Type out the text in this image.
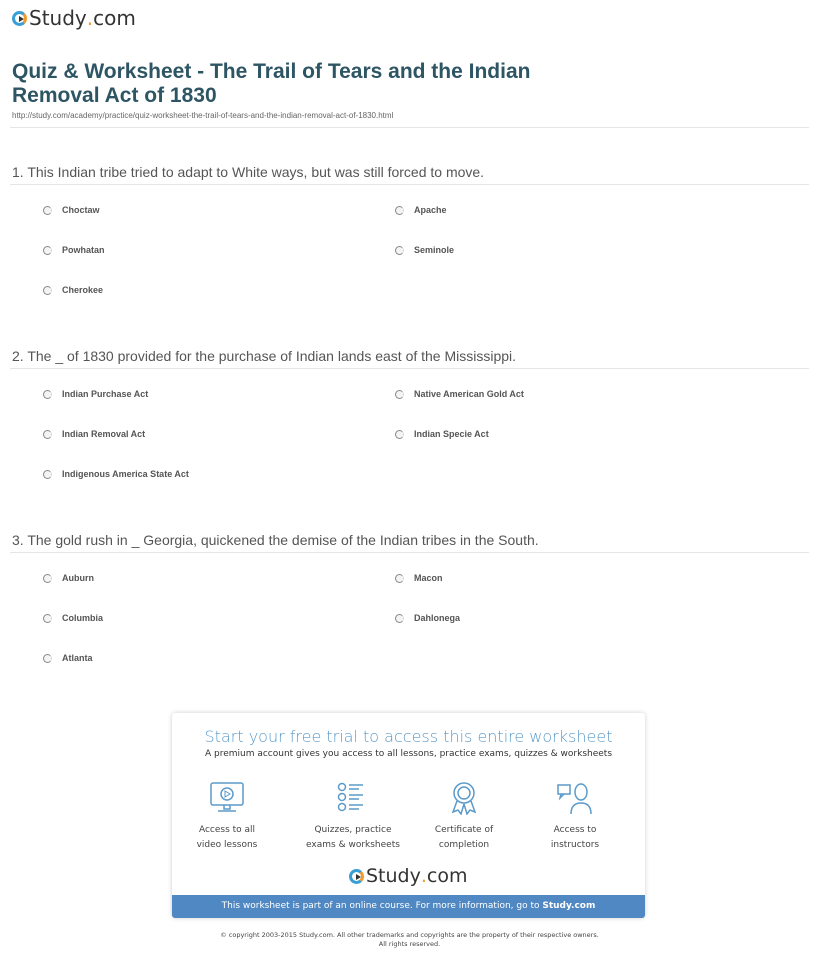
Study . com
Quiz & Worksheet - The Trail of Tears and the Indian Removal Act of 1830
http://study.com/academy/practice/quiz-worksheet-the-trail-of-tears-and-the-indian-removal-act-of-1830.html
1. This Indian tribe tried to adapt to White ways, but was still forced to move.
Choctaw	Apache
Powhatan	Seminole
Cherokee
2. The _ of 1830 provided for the purchase of Indian lands east of the Mississippi.
Indian Purchase Act	Native American Gold Act
Indian Removal Act	Indian Specie Act
Indigenous America State Act
3. The gold rush in _ Georgia, quickened the demise of the Indian tribes in the South.
Auburn	Macon
Columbia	Dahlonega
Atlanta
Start your free trial to access this entire worksheet
A premium account gives you access to all lessons, practice exams, quizzes & worksheets
Access to all
video lessons
Quizzes, practice
exams & worksheets
Certificate of
completion
Access to
instructors
Study . com
This worksheet is part of an online course. For more information, go to Study.com
© copyright 2003-2015 Study.com. All other trademarks and copyrights are the property of their respective owners.
All rights reserved.
